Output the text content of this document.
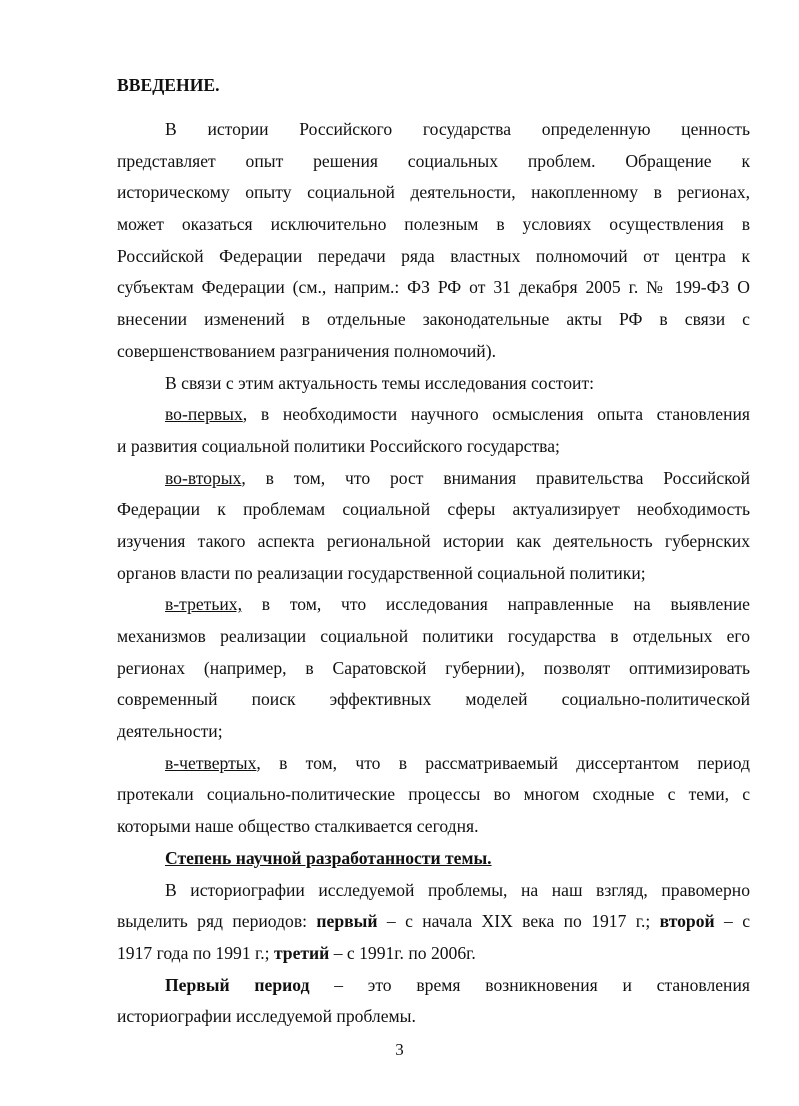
ВВЕДЕНИЕ.
В истории Российского государства определенную ценность
представляет опыт решения социальных проблем. Обращение к
историческому опыту социальной деятельности, накопленному в регионах,
может оказаться исключительно полезным в условиях осуществления в
Российской Федерации передачи ряда властных полномочий от центра к
субъектам Федерации (см., наприм.: ФЗ РФ от 31 декабря 2005 г. № 199-ФЗ О
внесении изменений в отдельные законодательные акты РФ в связи с
совершенствованием разграничения полномочий).
В связи с этим актуальность темы исследования состоит:
во-первых, в необходимости научного осмысления опыта становления
и развития социальной политики Российского государства;
во-вторых, в том, что рост внимания правительства Российской
Федерации к проблемам социальной сферы актуализирует необходимость
изучения такого аспекта региональной истории как деятельность губернских
органов власти по реализации государственной социальной политики;
в-третьих, в том, что исследования направленные на выявление
механизмов реализации социальной политики государства в отдельных его
регионах (например, в Саратовской губернии), позволят оптимизировать
современный поиск эффективных моделей социально-политической
деятельности;
в-четвертых, в том, что в рассматриваемый диссертантом период
протекали социально-политические процессы во многом сходные с теми, с
которыми наше общество сталкивается сегодня.
Степень научной разработанности темы.
В историографии исследуемой проблемы, на наш взгляд, правомерно
выделить ряд периодов: первый – с начала XIX века по 1917 г.; второй – с
1917 года по 1991 г.; третий – с 1991г. по 2006г.
Первый период – это время возникновения и становления
историографии исследуемой проблемы.
3
